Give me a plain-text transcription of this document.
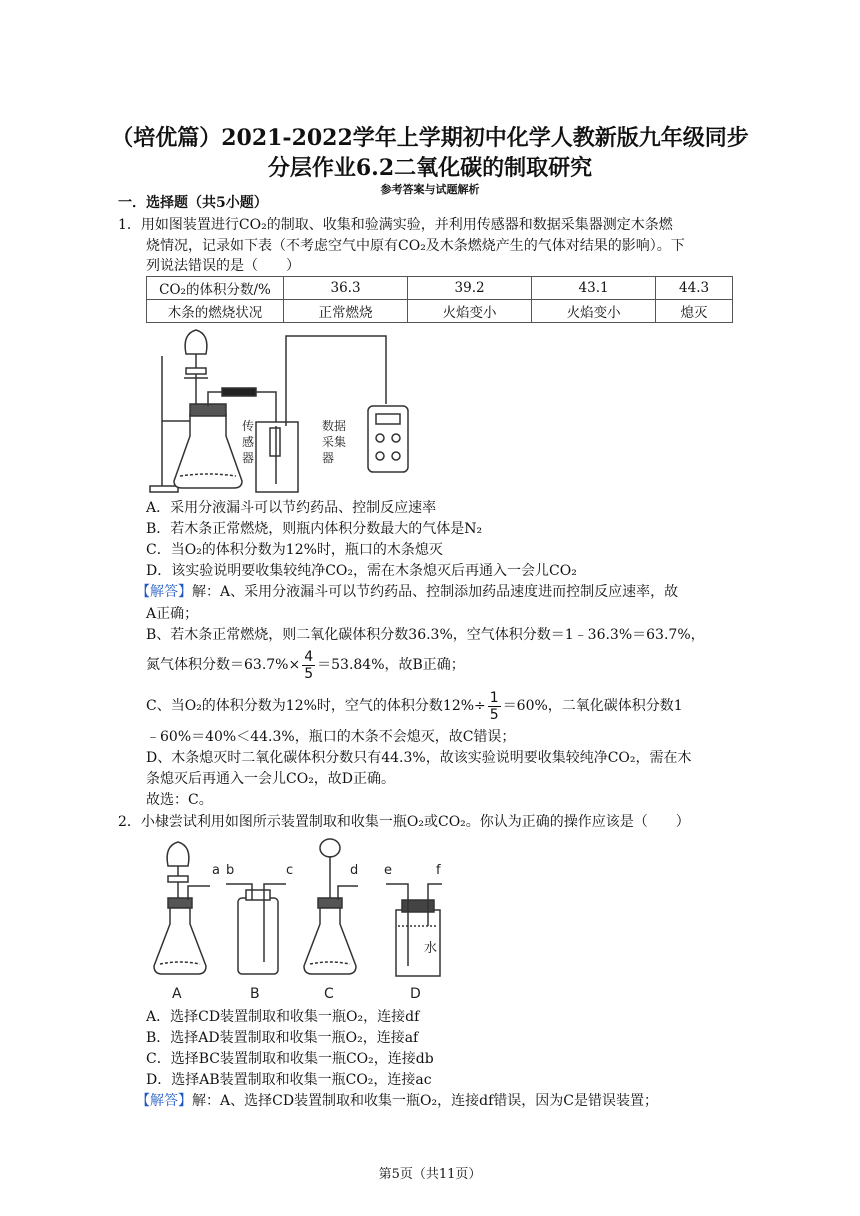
（培优篇）2021-2022学年上学期初中化学人教新版九年级同步
分层作业6.2二氧化碳的制取研究
参考答案与试题解析
一．选择题（共5小题）
1．用如图装置进行CO₂的制取、收集和验满实验，并利用传感器和数据采集器测定木条燃
烧情况，记录如下表（不考虑空气中原有CO₂及木条燃烧产生的气体对结果的影响）。下
列说法错误的是（　　）
CO₂的体积分数/%	36.3	39.2	43.1	44.3
木条的燃烧状况	正常燃烧	火焰变小	火焰变小	熄灭
传
感
器
数据
采集
器
A．采用分液漏斗可以节约药品、控制反应速率
B．若木条正常燃烧，则瓶内体积分数最大的气体是N₂
C．当O₂的体积分数为12%时，瓶口的木条熄灭
D．该实验说明要收集较纯净CO₂，需在木条熄灭后再通入一会儿CO₂
【解答】解：A、采用分液漏斗可以节约药品、控制添加药品速度进而控制反应速率，故
A正确；
B、若木条正常燃烧，则二氧化碳体积分数36.3%，空气体积分数＝1﹣36.3%＝63.7%，
氮气体积分数$=63.7\%\times \frac{4}{5} =53.84\%$，故B正确；
C、当O₂的体积分数为12%时，空气的体积分数$12\%\div \frac{1}{5} =60\%$，二氧化碳体积分数1
﹣60%＝40%＜44.3%，瓶口的木条不会熄灭，故C错误；
D、木条熄灭时二氧化碳体积分数只有44.3%，故该实验说明要收集较纯净CO₂，需在木
条熄灭后再通入一会儿CO₂，故D正确。
故选：C。
2．小棣尝试利用如图所示装置制取和收集一瓶O₂或CO₂。你认为正确的操作应该是（　　）
a b	c	d e	f
水
A	B	C	D
A．选择CD装置制取和收集一瓶O₂，连接df
B．选择AD装置制取和收集一瓶O₂，连接af
C．选择BC装置制取和收集一瓶CO₂，连接db
D．选择AB装置制取和收集一瓶CO₂，连接ac
【解答】解：A、选择CD装置制取和收集一瓶O₂，连接df错误，因为C是错误装置；
第5页（共11页）
